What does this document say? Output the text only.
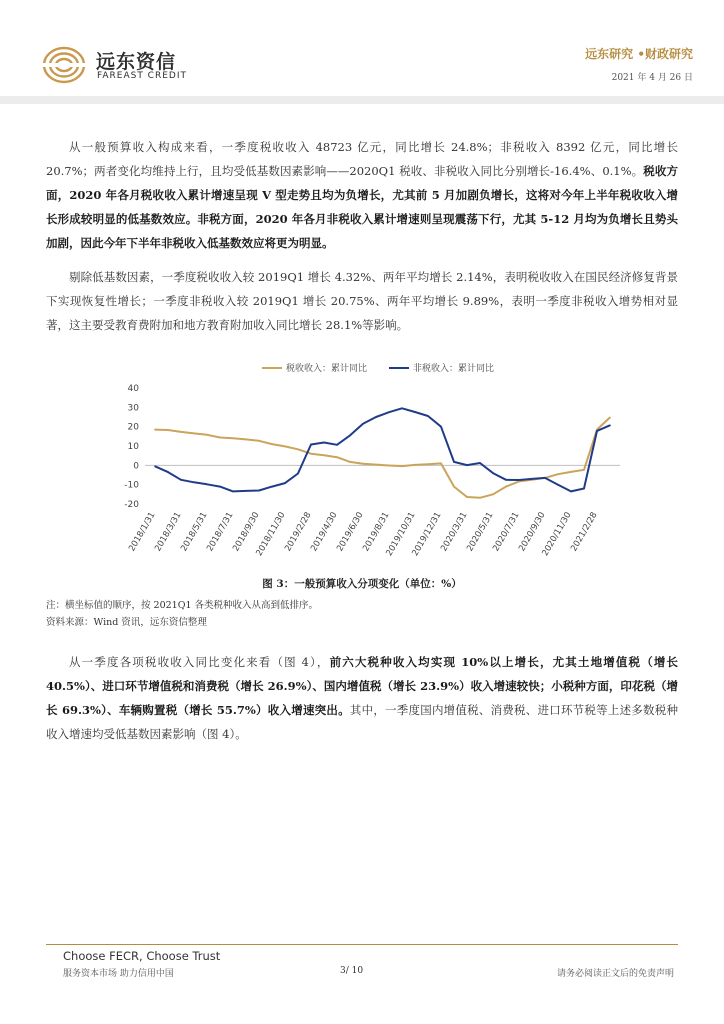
远东资信
FAREAST CREDIT
远东研究 •财政研究
2021 年 4 月 26 日

从一般预算收入构成来看，一季度税收收入 48723 亿元，同比增长 24.8%；非税收入 8392 亿元，同比增长 20.7%；两者变化均维持上行，且均受低基数因素影响——2020Q1 税收、非税收入同比分别增长-16.4%、0.1%。税收方面，2020 年各月税收收入累计增速呈现 V 型走势且均为负增长，尤其前 5 月加剧负增长，这将对今年上半年税收收入增长形成较明显的低基数效应。非税方面，2020 年各月非税收入累计增速则呈现震荡下行，尤其 5-12 月均为负增长且势头加剧，因此今年下半年非税收入低基数效应将更为明显。

剔除低基数因素，一季度税收收入较 2019Q1 增长 4.32%、两年平均增长 2.14%，表明税收收入在国民经济修复背景下实现恢复性增长；一季度非税收入较 2019Q1 增长 20.75%、两年平均增长 9.89%，表明一季度非税收入增势相对显著，这主要受教育费附加和地方教育附加收入同比增长 28.1%等影响。

税收收入：累计同比	非税收入：累计同比
-20
-10
0
10
20
30
40
2018/1/31
2018/3/31
2018/5/31
2018/7/31
2018/9/30
2018/11/30
2019/2/28
2019/4/30
2019/6/30
2019/8/31
2019/10/31
2019/12/31
2020/3/31
2020/5/31
2020/7/31
2020/9/30
2020/11/30
2021/2/28
图 3：一般预算收入分项变化（单位：%）
注：横坐标值的顺序，按 2021Q1 各类税种收入从高到低排序。
资料来源：Wind 资讯，远东资信整理

从一季度各项税收收入同比变化来看（图 4），前六大税种收入均实现 10%以上增长，尤其土地增值税（增长 40.5%）、进口环节增值税和消费税（增长 26.9%）、国内增值税（增长 23.9%）收入增速较快；小税种方面，印花税（增长 69.3%）、车辆购置税（增长 55.7%）收入增速突出。其中，一季度国内增值税、消费税、进口环节税等上述多数税种收入增速均受低基数因素影响（图 4）。

Choose FECR, Choose Trust
服务资本市场 助力信用中国	3/ 10	请务必阅读正文后的免责声明
